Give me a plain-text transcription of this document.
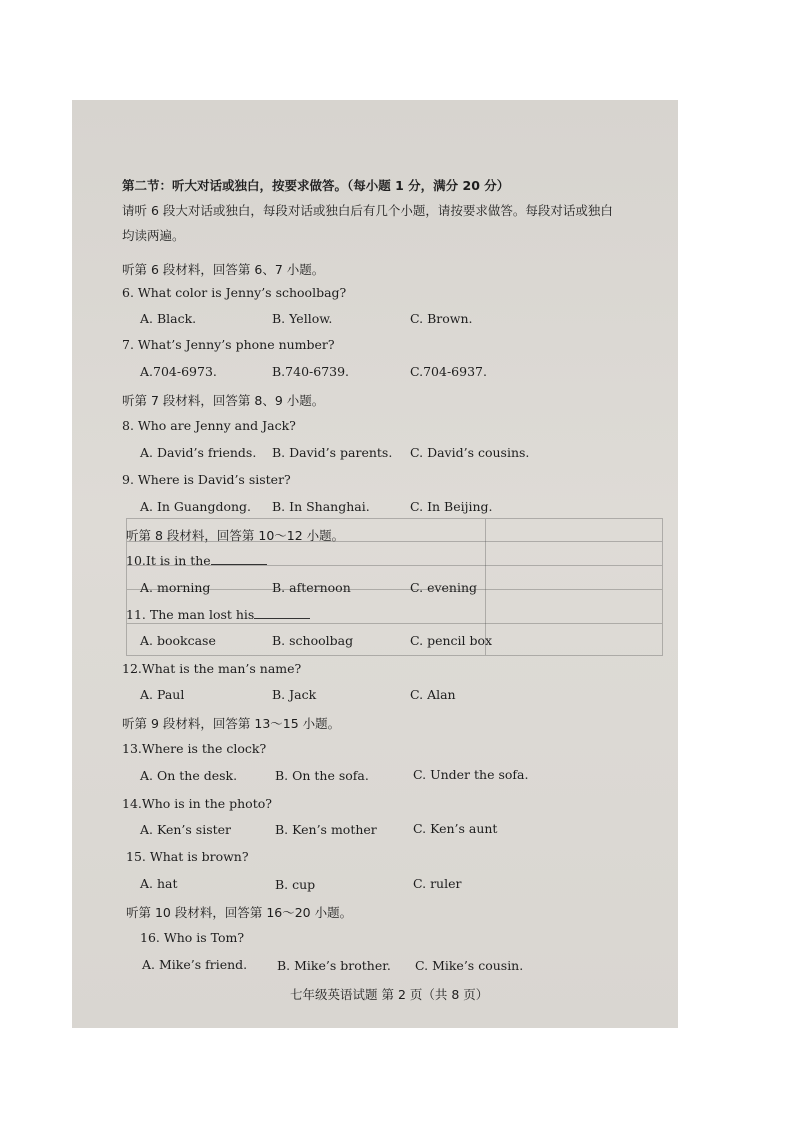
第二节：听大对话或独白，按要求做答。（每小题 1 分，满分 20 分）
请听 6 段大对话或独白，每段对话或独白后有几个小题，请按要求做答。每段对话或独白
均读两遍。
听第 6 段材料，回答第 6、7 小题。
6. What color is Jenny’s schoolbag?
A. Black.	B. Yellow.	C. Brown.
7. What’s Jenny’s phone number?
A.704-6973.	B.740-6739.	C.704-6937.
听第 7 段材料，回答第 8、9 小题。
8. Who are Jenny and Jack?
A. David’s friends. B. David’s parents. C. David’s cousins.
9. Where is David’s sister?
A. In Guangdong. B. In Shanghai.	C. In Beijing.
听第 8 段材料，回答第 10～12 小题。
10.It is in the
A. morning	B. afternoon	C. evening
11. The man lost his
A. bookcase	B. schoolbag	C. pencil box
12.What is the man’s name?
A. Paul	B. Jack	C. Alan
听第 9 段材料，回答第 13～15 小题。
13.Where is the clock?
A. On the desk.	B. On the sofa.	C. Under the sofa.
14.Who is in the photo?
A. Ken’s sister	B. Ken’s mother	C. Ken’s aunt
15. What is brown?
A. hat	B. cup	C. ruler
听第 10 段材料，回答第 16～20 小题。
16. Who is Tom?
A. Mike’s friend. B. Mike’s brother. C. Mike’s cousin.
七年级英语试题 第 2 页（共 8 页）
